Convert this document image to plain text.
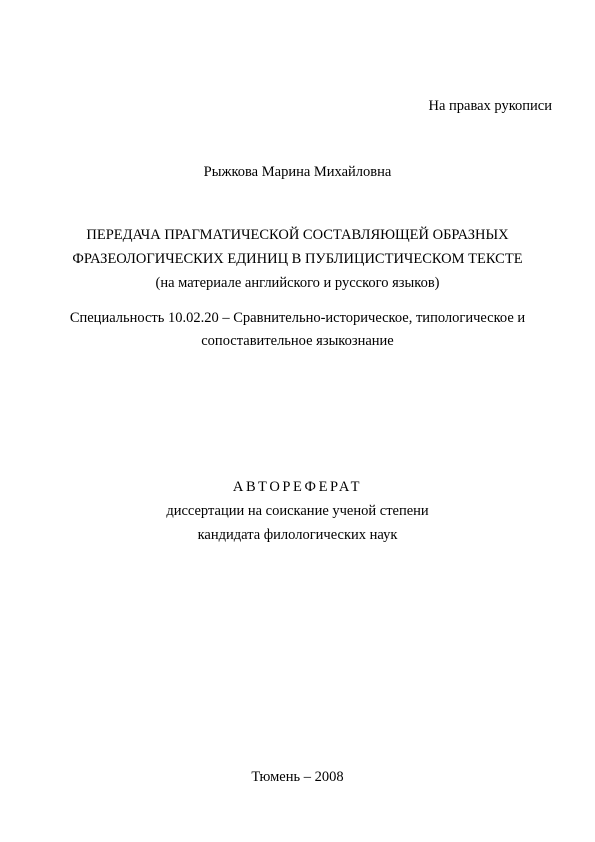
На правах рукописи
Рыжкова Марина Михайловна
ПЕРЕДАЧА ПРАГМАТИЧЕСКОЙ СОСТАВЛЯЮЩЕЙ ОБРАЗНЫХ
ФРАЗЕОЛОГИЧЕСКИХ ЕДИНИЦ В ПУБЛИЦИСТИЧЕСКОМ ТЕКСТЕ
(на материале английского и русского языков)
Специальность 10.02.20 – Сравнительно-историческое, типологическое и
сопоставительное языкознание
АВТОРЕФЕРАТ
диссертации на соискание ученой степени
кандидата филологических наук
Тюмень – 2008
